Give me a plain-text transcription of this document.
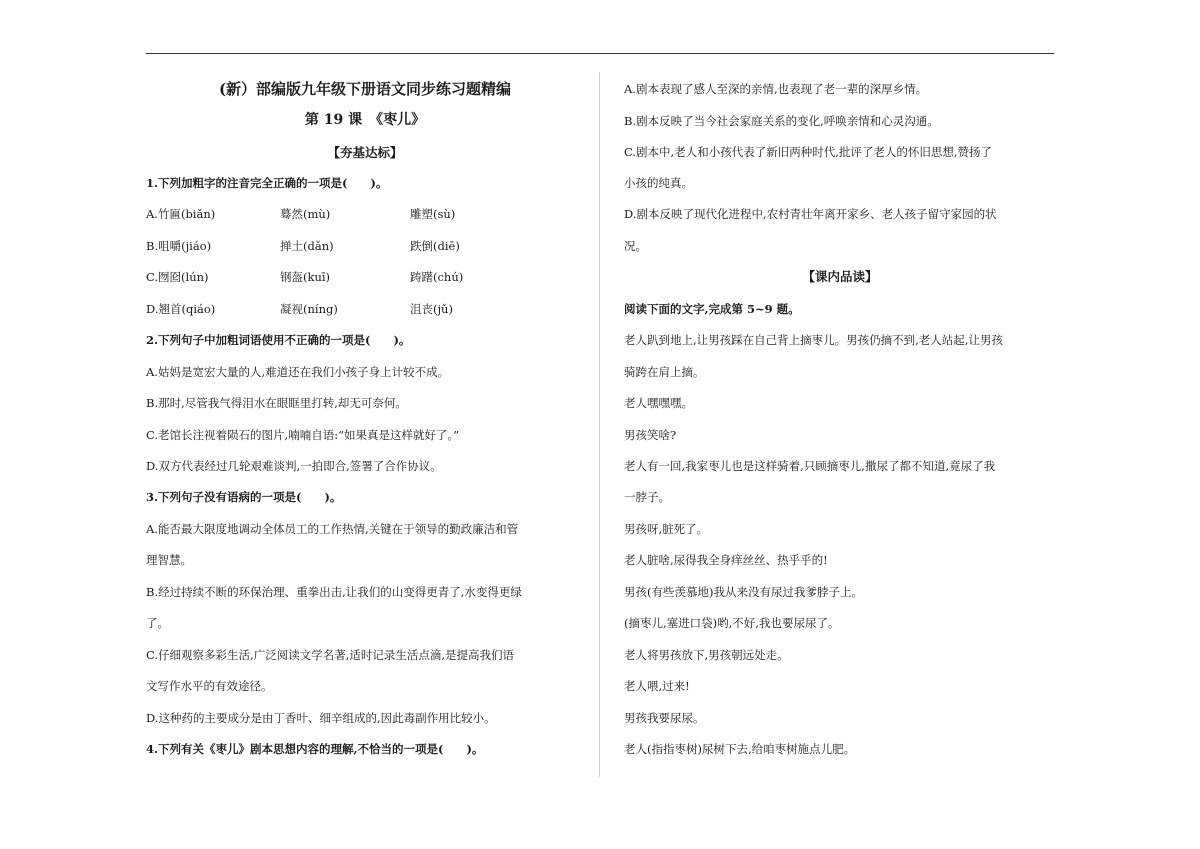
(新）部编版九年级下册语文同步练习题精编
第 19 课　《枣儿》
【夯基达标】
1.下列加粗字的注音完全正确的一项是(　　)。
A.竹匾(biǎn)	蓦然(mù)	雕塑(sù)
B.咀嚼(jiáo)	掸土(dǎn)	跌倒(diē)
C.囫囵(lún)	钢盔(kuī)	踌躇(chú)
D.翘首(qiáo)	凝视(níng)	沮丧(jǔ)
2.下列句子中加粗词语使用不正确的一项是(　　)。
A.姑妈是宽宏大量的人,难道还在我们小孩子身上计较不成。
B.那时,尽管我气得泪水在眼眶里打转,却无可奈何。
C.老馆长注视着陨石的图片,喃喃自语:“如果真是这样就好了。”
D.双方代表经过几轮艰难谈判,一拍即合,签署了合作协议。
3.下列句子没有语病的一项是(　　)。
A.能否最大限度地调动全体员工的工作热情,关键在于领导的勤政廉洁和管
理智慧。
B.经过持续不断的环保治理、重拳出击,让我们的山变得更青了,水变得更绿
了。
C.仔细观察多彩生活,广泛阅读文学名著,适时记录生活点滴,是提高我们语
文写作水平的有效途径。
D.这种药的主要成分是由丁香叶、细辛组成的,因此毒副作用比较小。
4.下列有关《枣儿》剧本思想内容的理解,不恰当的一项是(　　)。
A.剧本表现了感人至深的亲情,也表现了老一辈的深厚乡情。
B.剧本反映了当今社会家庭关系的变化,呼唤亲情和心灵沟通。
C.剧本中,老人和小孩代表了新旧两种时代,批评了老人的怀旧思想,赞扬了
小孩的纯真。
D.剧本反映了现代化进程中,农村青壮年离开家乡、老人孩子留守家园的状
况。
【课内品读】
阅读下面的文字,完成第 5~9 题。
老人趴到地上,让男孩踩在自己背上摘枣儿。男孩仍摘不到,老人站起,让男孩
骑跨在肩上摘。
老人嘿嘿嘿。
男孩笑啥?
老人有一回,我家枣儿也是这样骑着,只顾摘枣儿,撒尿了都不知道,竟尿了我
一脖子。
男孩呀,脏死了。
老人脏啥,尿得我全身痒丝丝、热乎乎的!
男孩(有些羡慕地)我从来没有尿过我爹脖子上。
(摘枣儿,塞进口袋)哟,不好,我也要尿尿了。
老人将男孩放下,男孩朝远处走。
老人喂,过来!
男孩我要尿尿。
老人(指指枣树)尿树下去,给咱枣树施点儿肥。
